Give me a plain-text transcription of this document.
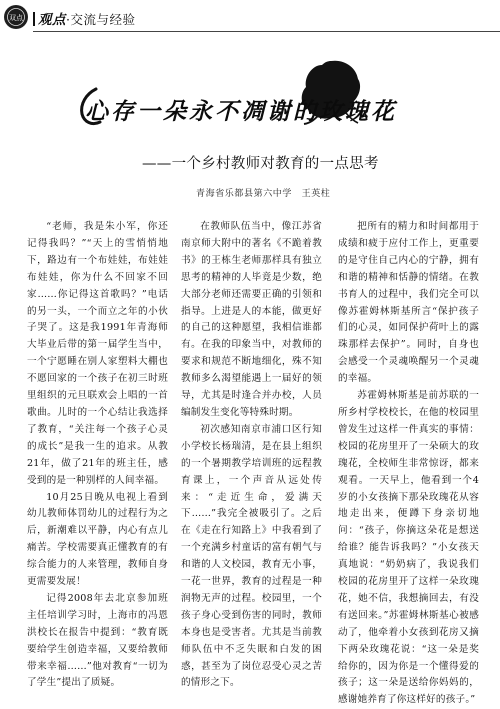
双点	观点·交流与经验
心存一朵永不凋谢的玫瑰花
——一个乡村教师对教育的一点思考
青海省乐都县第六中学　王英柱

“老师，我是朱小军，你还记得我吗？”“天上的雪悄悄地下，路边有一个布娃娃，布娃娃布娃娃，你为什么不回家不回家……你记得这首歌吗？”电话的另一头，一个而立之年的小伙子哭了。这是我1991年青海师大毕业后带的第一届学生当中，一个宁愿睡在别人家塑料大棚也不愿回家的一个孩子在初三时班里组织的元旦联欢会上唱的一首歌曲。儿时的一个心结让我选择了教育，“关注每一个孩子心灵的成长”是我一生的追求。从教21年，做了21年的班主任，感受到的是一种别样的人间幸福。

10月25日晚从电视上看到幼儿教师体罚幼儿的过程行为之后，新潮难以平静，内心有点儿痛苦。学校需要真正懂教育的有综合能力的人来管理，教师自身更需要发展！

记得2008年去北京参加班主任培训学习时，上海市的冯恩洪校长在报告中提到：“教育既要给学生创造幸福，又要给教师带来幸福……”他对教育“一切为了学生”提出了质疑。

在教师队伍当中，像江苏省南京师大附中的著名《不跪着教书》的王栋生老师那样具有独立思考的精神的人毕竟是少数，绝大部分老师还需要正确的引领和指导。上进是人的本能，做更好的自己的这种愿望，我相信谁都有。在我的印象当中，对教师的要求和规范不断地细化，殊不知教师多么渴望能遇上一届好的领导，尤其是时逢合并办校，人员编制发生变化等特殊时期。

初次感知南京市浦口区行知小学校长杨瑞清，是在县上组织的一个暑期教学培训班的远程教育课上，一个声音从远处传来：“走近生命，爱满天下……”我完全被吸引了。之后在《走在行知路上》中我看到了一个充满乡村童话的富有朝气与和谐的人文校园，教育无小事，一花一世界，教育的过程是一种润物无声的过程。校园里，一个孩子身心受到伤害的同时，教师本身也是受害者。尤其是当前教师队伍中不乏失眠和白发的困惑，甚至为了岗位忍受心灵之苦的情形之下。

把所有的精力和时间都用于成绩和疲于应付工作上，更重要的是守住自己内心的宁静，拥有和谐的精神和恬静的情绪。在教书育人的过程中，我们完全可以像苏霍姆林斯基所言“保护孩子们的心灵，如同保护荷叶上的露珠那样去保护”。同时，自身也会感受一个灵魂唤醒另一个灵魂的幸福。

苏霍姆林斯基是前苏联的一所乡村学校校长，在他的校园里曾发生过这样一件真实的事情：校园的花房里开了一朵硕大的玫瑰花，全校师生非常惊讶，都来观看。一天早上，他看到一个4岁的小女孩摘下那朵玫瑰花从容地走出来，便蹲下身亲切地问：“孩子，你摘这朵花是想送给谁？能告诉我吗？”小女孩天真地说：“奶奶病了，我说我们校园的花房里开了这样一朵玫瑰花，她不信，我想摘回去，有没有送回来。”苏霍姆林斯基心被感动了，他牵着小女孩到花房又摘下两朵玫瑰花说：“这一朵是奖给你的，因为你是一个懂得爱的孩子；这一朵是送给你妈妈的，感谢她养育了你这样好的孩子。”
